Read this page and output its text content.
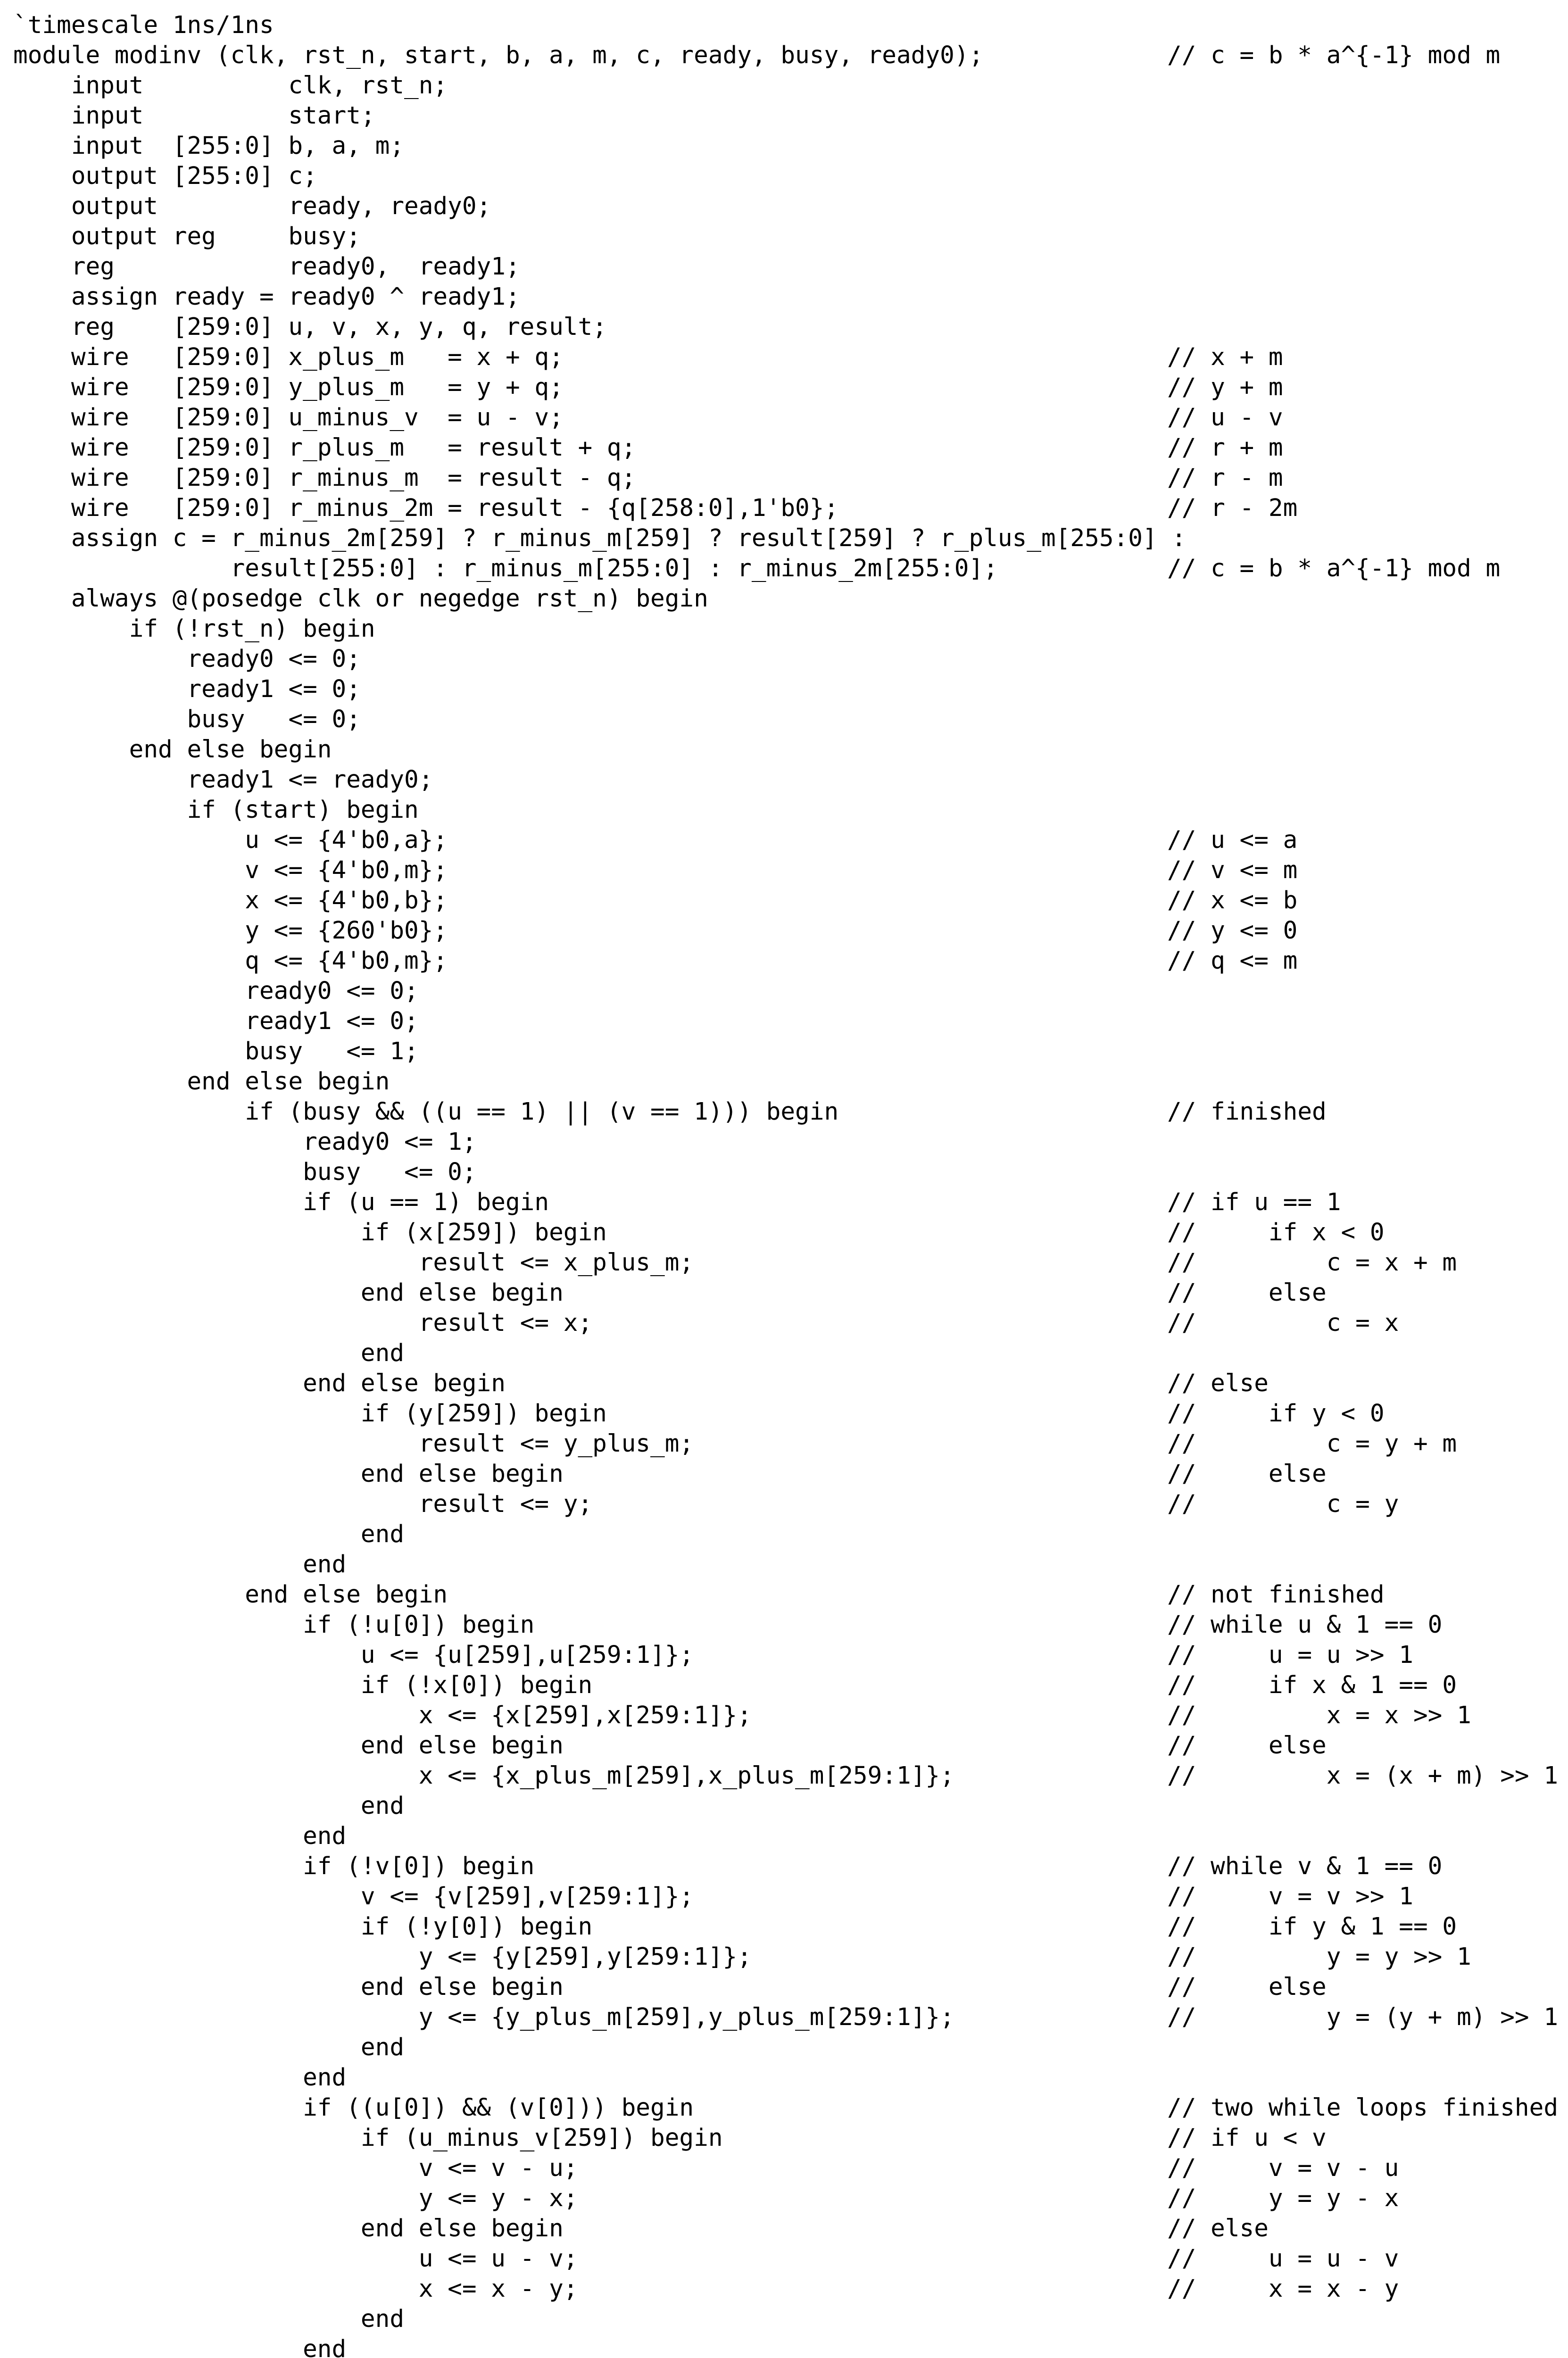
`timescale 1ns/1ns
module modinv (clk, rst_n, start, b, a, m, c, ready, busy, ready0);	// c = b * a^{-1} mod m
input          clk, rst_n;
input          start;
input  [255:0] b, a, m;
output [255:0] c;
output         ready, ready0;
output reg     busy;
reg            ready0,  ready1;
assign ready = ready0 ^ ready1;
reg    [259:0] u, v, x, y, q, result;
wire   [259:0] x_plus_m   = x + q;	// x + m
wire   [259:0] y_plus_m   = y + q;	// y + m
wire   [259:0] u_minus_v  = u - v;	// u - v
wire   [259:0] r_plus_m   = result + q;	// r + m
wire   [259:0] r_minus_m  = result - q;	// r - m
wire   [259:0] r_minus_2m = result - {q[258:0],1'b0};	// r - 2m
assign c = r_minus_2m[259] ? r_minus_m[259] ? result[259] ? r_plus_m[255:0] :
result[255:0] : r_minus_m[255:0] : r_minus_2m[255:0];	// c = b * a^{-1} mod m
always @(posedge clk or negedge rst_n) begin
if (!rst_n) begin
ready0 <= 0;
ready1 <= 0;
busy   <= 0;
end else begin
ready1 <= ready0;
if (start) begin
u <= {4'b0,a};	// u <= a
v <= {4'b0,m};	// v <= m
x <= {4'b0,b};	// x <= b
y <= {260'b0};	// y <= 0
q <= {4'b0,m};	// q <= m
ready0 <= 0;
ready1 <= 0;
busy   <= 1;
end else begin
if (busy && ((u == 1) || (v == 1))) begin	// finished
ready0 <= 1;
busy   <= 0;
if (u == 1) begin	// if u == 1
if (x[259]) begin	//     if x < 0
result <= x_plus_m;	//         c = x + m
end else begin	//     else
result <= x;	//         c = x
end
end else begin	// else
if (y[259]) begin	//     if y < 0
result <= y_plus_m;	//         c = y + m
end else begin	//     else
result <= y;	//         c = y
end
end
end else begin	// not finished
if (!u[0]) begin	// while u & 1 == 0
u <= {u[259],u[259:1]};	//     u = u >> 1
if (!x[0]) begin	//     if x & 1 == 0
x <= {x[259],x[259:1]};	//         x = x >> 1
end else begin	//     else
x <= {x_plus_m[259],x_plus_m[259:1]};	//         x = (x + m) >> 1
end
end
if (!v[0]) begin	// while v & 1 == 0
v <= {v[259],v[259:1]};	//     v = v >> 1
if (!y[0]) begin	//     if y & 1 == 0
y <= {y[259],y[259:1]};	//         y = y >> 1
end else begin	//     else
y <= {y_plus_m[259],y_plus_m[259:1]};	//         y = (y + m) >> 1
end
end
if ((u[0]) && (v[0])) begin	// two while loops finished
if (u_minus_v[259]) begin	// if u < v
v <= v - u;	//     v = v - u
y <= y - x;	//     y = y - x
end else begin	// else
u <= u - v;	//     u = u - v
x <= x - y;	//     x = x - y
end
end
